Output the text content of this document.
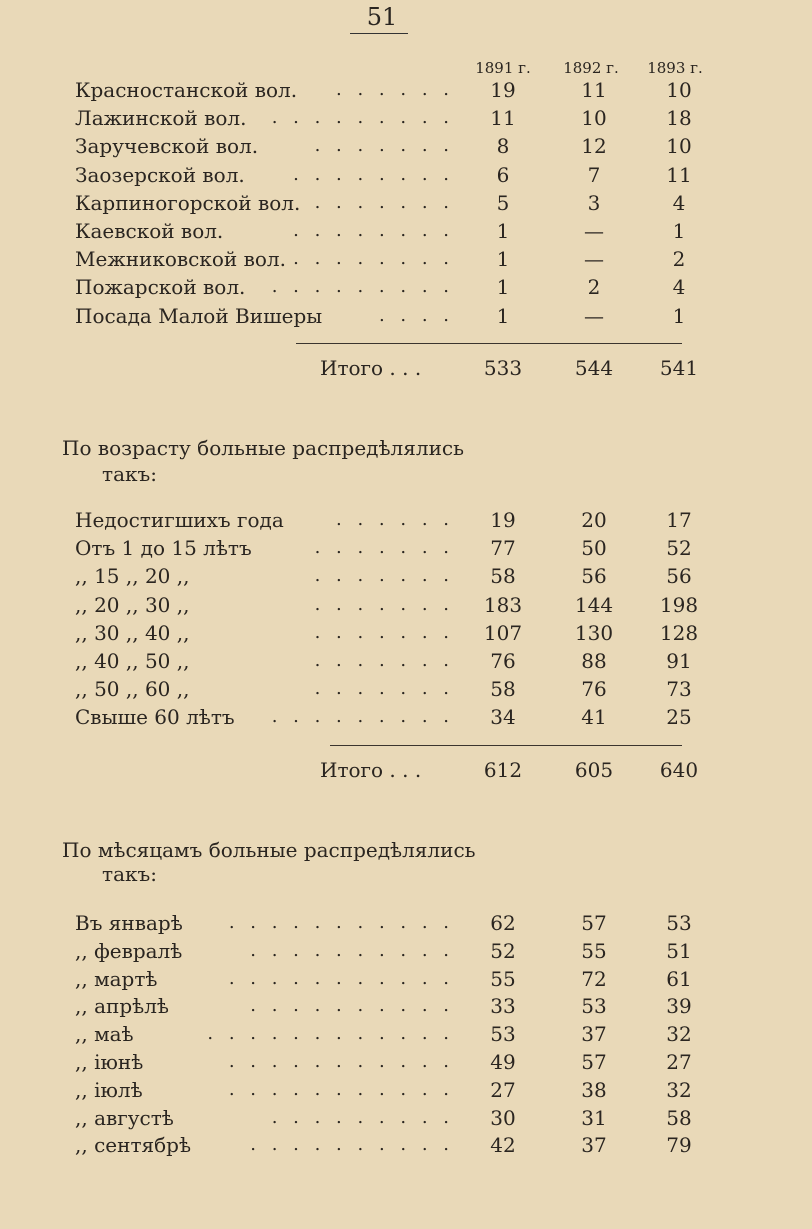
51
1891 г.	1892 г.	1893 г.
Красностанской вол. . . . . . .	19	11	10
Лажинской вол. . . . . . . . . .	11	10	18
Заручевской вол.	. . . . . . .	8	12	10
Заозерской вол.	. . . . . . . .	6	7	11
Карпиногорской вол. . . . . . . .	5	3	4
Каевской вол.	. . . . . . . .	1	—	1
Межниковской вол. . . . . . . . .	1	—	2
Пожарской вол. . . . . . . . . .	1	2	4
Посада Малой Вишеры	. . . .	1	—	1
Итого . . .	533	544	541
По возрасту больные распредѣлялись
такъ:
Недостигшихъ года	. . . . . .	19	20	17
Отъ 1 до 15 лѣтъ	. . . . . . .	77	50	52
,, 15 ,, 20 ,,	. . . . . . .	58	56	56
,, 20 ,, 30 ,,	. . . . . . .	183	144	198
,, 30 ,, 40 ,,	. . . . . . .	107	130	128
,, 40 ,, 50 ,,	. . . . . . .	76	88	91
,, 50 ,, 60 ,,	. . . . . . .	58	76	73
Свыше 60 лѣтъ . . . . . . . . .	34	41	25
Итого . . .	612	605	640
По мѣсяцамъ больные распредѣлялись
такъ:
Въ январѣ	. . . . . . . . . . .	62	57	53
,, февралѣ	. . . . . . . . . .	52	55	51
,, мартѣ	. . . . . . . . . . .	55	72	61
,, апрѣлѣ	. . . . . . . . . .	33	53	39
,, маѣ	. . . . . . . . . . . .	53	37	32
,, іюнѣ	. . . . . . . . . . .	49	57	27
,, іюлѣ	. . . . . . . . . . .	27	38	32
,, августѣ	. . . . . . . . .	30	31	58
,, сентябрѣ	. . . . . . . . . .	42	37	79
